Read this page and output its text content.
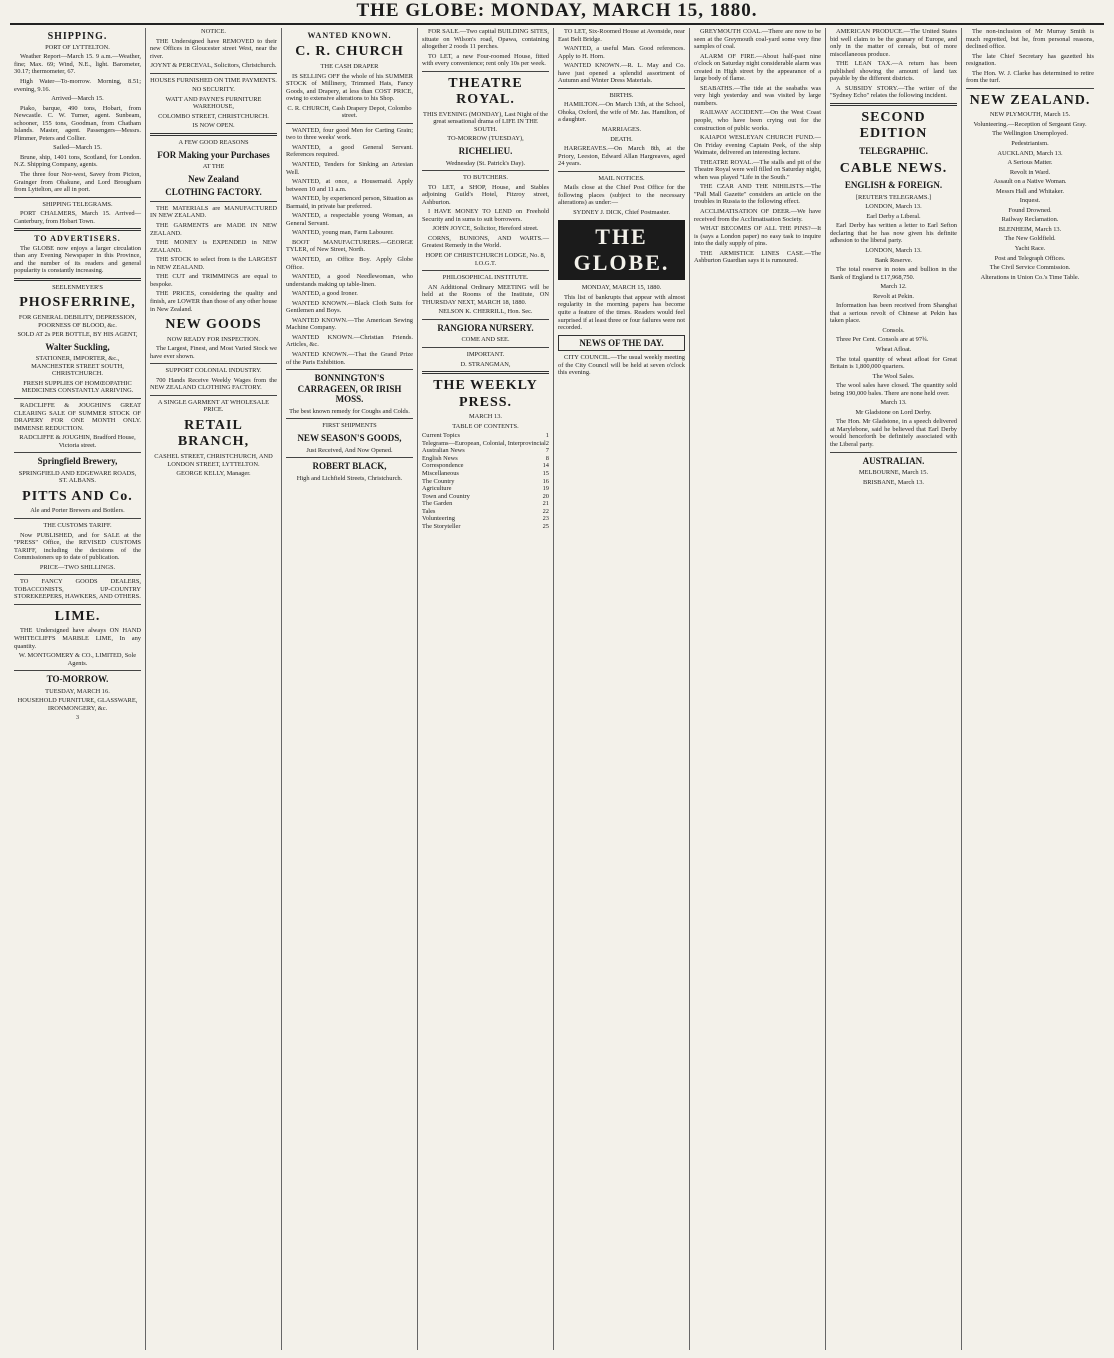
THE GLOBE: MONDAY, MARCH 15, 1880.
SHIPPING.
PORT OF LYTTELTON.

Weather Report—March 15. 9 a.m.—Weather, fine; Max. 69; Wind, N.E., light. Barometer, 30.17; thermometer, 67.

High Water—To-morrow. Morning, 8.51; evening, 9.16.

Arrived—March 15.

Piako, barque, 490 tons, Hobart, from Newcastle. C. W. Turner, agent. Sunbeam, schooner, 155 tons, Goodman, from Chatham Islands. Master, agent. Passengers—Messrs. Plimmer, Peters and Collier.

Sailed—March 15.

Brune, ship, 1401 tons, Scotland, for London. N.Z. Shipping Company, agents.

The three four Nor-west, Savey from Picton, Grainger from Ohakune, and Lord Brougham from Lyttelton, are all in port.

SHIPPING TELEGRAMS.

PORT CHALMERS, March 15. Arrived—Canterbury, from Hobart Town.

TO ADVERTISERS.

The GLOBE now enjoys a larger circulation than any Evening Newspaper in this Province, and the number of its readers and general popularity is constantly increasing.

SEELENMEYER'S
PHOSFERRINE,
FOR GENERAL DEBILITY, DEPRESSION, POORNESS OF BLOOD, &c.
SOLD AT 2s PER BOTTLE, BY HIS AGENT,
Walter Suckling,
STATIONER, IMPORTER, &c., MANCHESTER STREET SOUTH, CHRISTCHURCH.
FRESH SUPPLIES OF HOMŒOPATHIC MEDICINES CONSTANTLY ARRIVING.

RADCLIFFE & JOUGHIN'S GREAT CLEARING SALE OF SUMMER STOCK OF DRAPERY FOR ONE MONTH ONLY. IMMENSE REDUCTION.

RADCLIFFE & JOUGHIN, Bradford House, Victoria street.
Springfield Brewery,
SPRINGFIELD AND EDGEWARE ROADS, ST. ALBANS.
PITTS AND Co.
Ale and Porter Brewers and Bottlers.
THE CUSTOMS TARIFF.

Now PUBLISHED, and for SALE at the "PRESS" Office, the REVISED CUSTOMS TARIFF, including the decisions of the Commissioners up to date of publication.

PRICE—TWO SHILLINGS.

TO FANCY GOODS DEALERS, TOBACCONISTS, UP-COUNTRY STOREKEEPERS, HAWKERS, AND OTHERS.

LIME.

THE Undersigned have always ON HAND WHITECLIFFS MARBLE LIME, In any quantity.

W. MONTGOMERY & CO., LIMITED, Sole Agents.
TO-MORROW.
TUESDAY, MARCH 16.
HOUSEHOLD FURNITURE, GLASSWARE, IRONMONGERY, &c.
3
NOTICE.

THE Undersigned have REMOVED to their new Offices in Gloucester street West, near the river.

JOYNT & PERCEVAL, Solicitors, Christchurch.
HOUSES FURNISHED ON TIME PAYMENTS.
NO SECURITY.
WATT AND PAYNE'S FURNITURE WAREHOUSE,
COLOMBO STREET, CHRISTCHURCH.
IS NOW OPEN.
A FEW GOOD REASONS
FOR Making your Purchases
AT THE
New Zealand
CLOTHING FACTORY.

THE MATERIALS are MANUFACTURED IN NEW ZEALAND.

THE GARMENTS are MADE IN NEW ZEALAND.

THE MONEY is EXPENDED in NEW ZEALAND.

THE STOCK to select from is the LARGEST in NEW ZEALAND.

THE CUT and TRIMMINGS are equal to bespoke.

THE PRICES, considering the quality and finish, are LOWER than those of any other house in New Zealand.

NEW GOODS
NOW READY FOR INSPECTION.

The Largest, Finest, and Most Varied Stock we have ever shown.

SUPPORT COLONIAL INDUSTRY.

700 Hands Receive Weekly Wages from the NEW ZEALAND CLOTHING FACTORY.

A SINGLE GARMENT AT WHOLESALE PRICE.
RETAIL BRANCH,
CASHEL STREET, CHRISTCHURCH, AND LONDON STREET, LYTTELTON.
GEORGE KELLY, Manager.
WANTED KNOWN.
C. R. CHURCH
THE CASH DRAPER

IS SELLING OFF the whole of his SUMMER STOCK of Millinery, Trimmed Hats, Fancy Goods, and Drapery, at less than COST PRICE, owing to extensive alterations to his Shop.

C. R. CHURCH, Cash Drapery Depot, Colombo street.

WANTED, four good Men for Carting Grain; two to three weeks' work.

WANTED, a good General Servant. References required.

WANTED, Tenders for Sinking an Artesian Well.

WANTED, at once, a Housemaid. Apply between 10 and 11 a.m.

WANTED, by experienced person, Situation as Barmaid, in private bar preferred.

WANTED, a respectable young Woman, as General Servant.

WANTED, young man, Farm Labourer.

BOOT MANUFACTURERS.—GEORGE TYLER, of New Street, North.

WANTED, an Office Boy. Apply Globe Office.

WANTED, a good Needlewoman, who understands making up table-linen.

WANTED, a good Ironer.

WANTED KNOWN.—Black Cloth Suits for Gentlemen and Boys.

WANTED KNOWN.—The American Sewing Machine Company.

WANTED KNOWN.—Christian Friends. Articles, &c.

WANTED KNOWN.—That the Grand Prize of the Paris Exhibition.

BONNINGTON'S CARRAGEEN, OR IRISH MOSS.
The best known remedy for Coughs and Colds.
FIRST SHIPMENTS
NEW SEASON'S GOODS,
Just Received, And Now Opened.
ROBERT BLACK,
High and Lichfield Streets, Christchurch.

FOR SALE.—Two capital BUILDING SITES, situate on Wilson's road, Opawa, containing altogether 2 roods 11 perches.

TO LET, a new Four-roomed House, fitted with every convenience; rent only 10s per week.

THEATRE ROYAL.
THIS EVENING (MONDAY), Last Night of the great sensational drama of LIFE IN THE SOUTH.
TO-MORROW (TUESDAY),
RICHELIEU.
Wednesday (St. Patrick's Day).
TO BUTCHERS.

TO LET, a SHOP, House, and Stables adjoining Guild's Hotel, Fitzroy street, Ashburton.

I HAVE MONEY TO LEND on Freehold Security and in sums to suit borrowers.

JOHN JOYCE, Solicitor, Hereford street.

CORNS, BUNIONS, AND WARTS.— Greatest Remedy in the World.

HOPE OF CHRISTCHURCH LODGE, No. 8, I.O.G.T.
PHILOSOPHICAL INSTITUTE.

AN Additional Ordinary MEETING will be held at the Rooms of the Institute, ON THURSDAY NEXT, MARCH 18, 1880.

NELSON K. CHERRILL, Hon. Sec.
RANGIORA NURSERY.
COME AND SEE.
IMPORTANT.
D. STRANGMAN,
THE WEEKLY PRESS.
MARCH 13.
TABLE OF CONTENTS.
Current Topics	1
Telegrams—European, Colonial, Interprovincial 2
Australian News	7
English News	8
Correspondence	14
Miscellaneous	15
The Country	16
Agriculture	19
Town and Country	20
The Garden	21
Tales	22
Volunteering	23
The Storyteller	25

TO LET, Six-Roomed House at Avonside, near East Belt Bridge.

WANTED, a useful Man. Good references. Apply to H. Horn.

WANTED KNOWN.—R. L. May and Co. have just opened a splendid assortment of Autumn and Winter Dress Materials.

BIRTHS.

HAMILTON.—On March 13th, at the School, Ohoka, Oxford, the wife of Mr. Jas. Hamilton, of a daughter.

MARRIAGES.
DEATH.

HARGREAVES.—On March 8th, at the Priory, Leeston, Edward Allan Hargreaves, aged 24 years.

MAIL NOTICES.

Mails close at the Chief Post Office for the following places (subject to the necessary alterations) as under:—

SYDNEY J. DICK, Chief Postmaster.
THE GLOBE.
MONDAY, MARCH 15, 1880.

This list of bankrupts that appear with almost regularity in the morning papers has become quite a feature of the times. Readers would feel surprised if at least three or four failures were not recorded.

NEWS OF THE DAY.

CITY COUNCIL.—The usual weekly meeting of the City Council will be held at seven o'clock this evening.

GREYMOUTH COAL.—There are now to be seen at the Greymouth coal-yard some very fine samples of coal.

ALARM OF FIRE.—About half-past nine o'clock on Saturday night considerable alarm was created in High street by the appearance of a large body of flame.

SEABATHS.—The tide at the seabaths was very high yesterday and was visited by large numbers.

RAILWAY ACCIDENT.—On the West Coast people, who have been crying out for the construction of public works.

KAIAPOI WESLEYAN CHURCH FUND.—On Friday evening Captain Peek, of the ship Waimate, delivered an interesting lecture.

THEATRE ROYAL.—The stalls and pit of the Theatre Royal were well filled on Saturday night, when was played "Life in the South."

THE CZAR AND THE NIHILISTS.—The "Pall Mall Gazette" considers an article on the troubles in Russia to the following effect.

ACCLIMATISATION OF DEER.—We have received from the Acclimatisation Society.

WHAT BECOMES OF ALL THE PINS?—It is (says a London paper) no easy task to inquire into the daily supply of pins.

THE ARMISTICE LINES CASE.—The Ashburton Guardian says it is rumoured.

AMERICAN PRODUCE.—The United States bid well claim to be the granary of Europe, and only in the matter of cereals, but of more miscellaneous produce.

THE LEAN TAX.—A return has been published showing the amount of land tax payable by the different districts.

A SUBSIDY STORY.—The writer of the "Sydney Echo" relates the following incident.

SECOND EDITION
TELEGRAPHIC.
CABLE NEWS.
ENGLISH & FOREIGN.
[REUTER'S TELEGRAMS.]
LONDON, March 13.
Earl Derby a Liberal.

Earl Derby has written a letter to Earl Sefton declaring that he has now given his definite adhesion to the liberal party.

LONDON, March 13.
Bank Reserve.

The total reserve in notes and bullion in the Bank of England is £17,968,750.

March 12.
Revolt at Pekin.

Information has been received from Shanghai that a serious revolt of Chinese at Pekin has taken place.

Consols.

Three Per Cent. Consols are at 97¾.

Wheat Afloat.

The total quantity of wheat afloat for Great Britain is 1,800,000 quarters.

The Wool Sales.

The wool sales have closed. The quantity sold being 190,000 bales. There are none held over.

March 13.
Mr Gladstone on Lord Derby.

The Hon. Mr Gladstone, in a speech delivered at Marylebone, said he believed that Earl Derby would henceforth be definitely associated with the Liberal party.

AUSTRALIAN.
MELBOURNE, March 15.
BRISBANE, March 13.

The non-inclusion of Mr Murray Smith is much regretted, but he, from personal reasons, declined office.

The late Chief Secretary has gazetted his resignation.

The Hon. W. J. Clarke has determined to retire from the turf.

NEW ZEALAND.
NEW PLYMOUTH, March 15.
Volunteering.—Reception of Sergeant Gray.
The Wellington Unemployed.
Pedestrianism.
AUCKLAND, March 13.
A Serious Matter.
Revolt in Ward.
Assault on a Native Woman.
Messrs Hall and Whitaker.
Inquest.
Found Drowned.
Railway Reclamation.
BLENHEIM, March 13.
The New Goldfield.
Yacht Race.
Post and Telegraph Offices.
The Civil Service Commission.
Alterations in Union Co.'s Time Table.
